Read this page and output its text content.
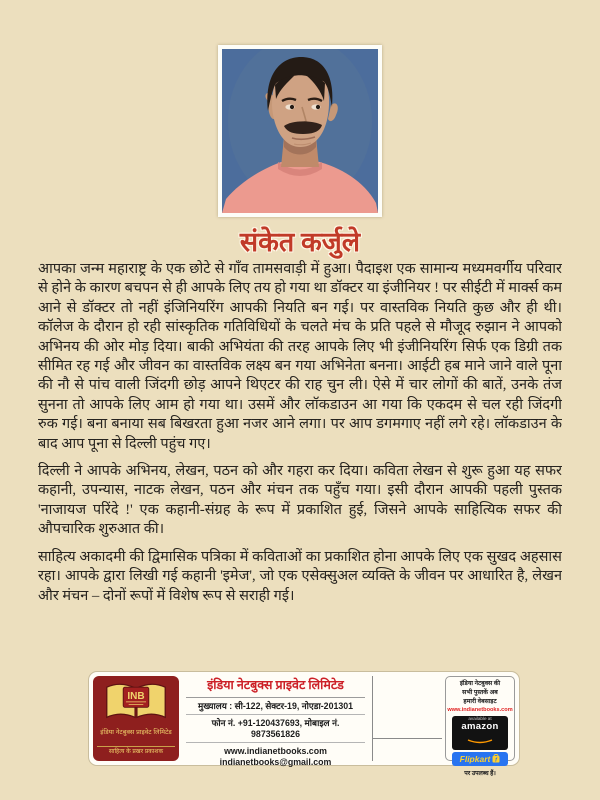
संकेत कर्जुले

आपका जन्म महाराष्ट्र के एक छोटे से गाँव तामसवाड़ी में हुआ। पैदाइश एक सामान्य मध्यमवर्गीय परिवार से होने के कारण बचपन से ही आपके लिए तय हो गया था डॉक्टर या इंजीनियर ! पर सीईटी में मार्क्स कम आने से डॉक्टर तो नहीं इंजिनियरिंग आपकी नियति बन गई। पर वास्तविक नियति कुछ और ही थी। कॉलेज के दौरान हो रही सांस्कृतिक गतिविधियों के चलते मंच के प्रति पहले से मौजूद रुझान ने आपको अभिनय की ओर मोड़ दिया। बाकी अभियंता की तरह आपके लिए भी इंजीनियरिंग सिर्फ एक डिग्री तक सीमित रह गई और जीवन का वास्तविक लक्ष्य बन गया अभिनेता बनना। आईटी हब माने जाने वाले पूना की नौ से पांच वाली जिंदगी छोड़ आपने थिएटर की राह चुन ली। ऐसे में चार लोगों की बातें, उनके तंज सुनना तो आपके लिए आम हो गया था। उसमें और लॉकडाउन आ गया कि एकदम से चल रही जिंदगी रुक गई। बना बनाया सब बिखरता हुआ नजर आने लगा। पर आप डगमगाए नहीं लगे रहे। लॉकडाउन के बाद आप पूना से दिल्ली पहुंच गए।

दिल्ली ने आपके अभिनय, लेखन, पठन को और गहरा कर दिया। कविता लेखन से शुरू हुआ यह सफर कहानी, उपन्यास, नाटक लेखन, पठन और मंचन तक पहुँच गया। इसी दौरान आपकी पहली पुस्तक 'नाजायज परिंदे !' एक कहानी-संग्रह के रूप में प्रकाशित हुई, जिसने आपके साहित्यिक सफर की औपचारिक शुरुआत की।

साहित्य अकादमी की द्विमासिक पत्रिका में कविताओं का प्रकाशित होना आपके लिए एक सुखद अहसास रहा। आपके द्वारा लिखी गई कहानी 'इमेज', जो एक एसेक्सुअल व्यक्ति के जीवन पर आधारित है, लेखन और मंचन – दोनों रूपों में विशेष रूप से सराही गई।

INB
इंडिया नेटबुक्स प्राइवेट लिमिटेड
साहित्य के प्रखर प्रकाशक
इंडिया नेटबुक्स प्राइवेट लिमिटेड
मुख्यालय : सी-122, सेक्टर-19, नोएडा-201301
फोन नं. +91-120437693, मोबाइल नं. 9873561826
www.indianetbooks.com indianetbooks@gmail.com
इंडिया नेटबुक्स की
सभी पुस्तकें अब
हमारी वेबसाइट
www.indianetbooks.com
available at
amazon
Flipkart f
पर उपलब्ध हैं।
